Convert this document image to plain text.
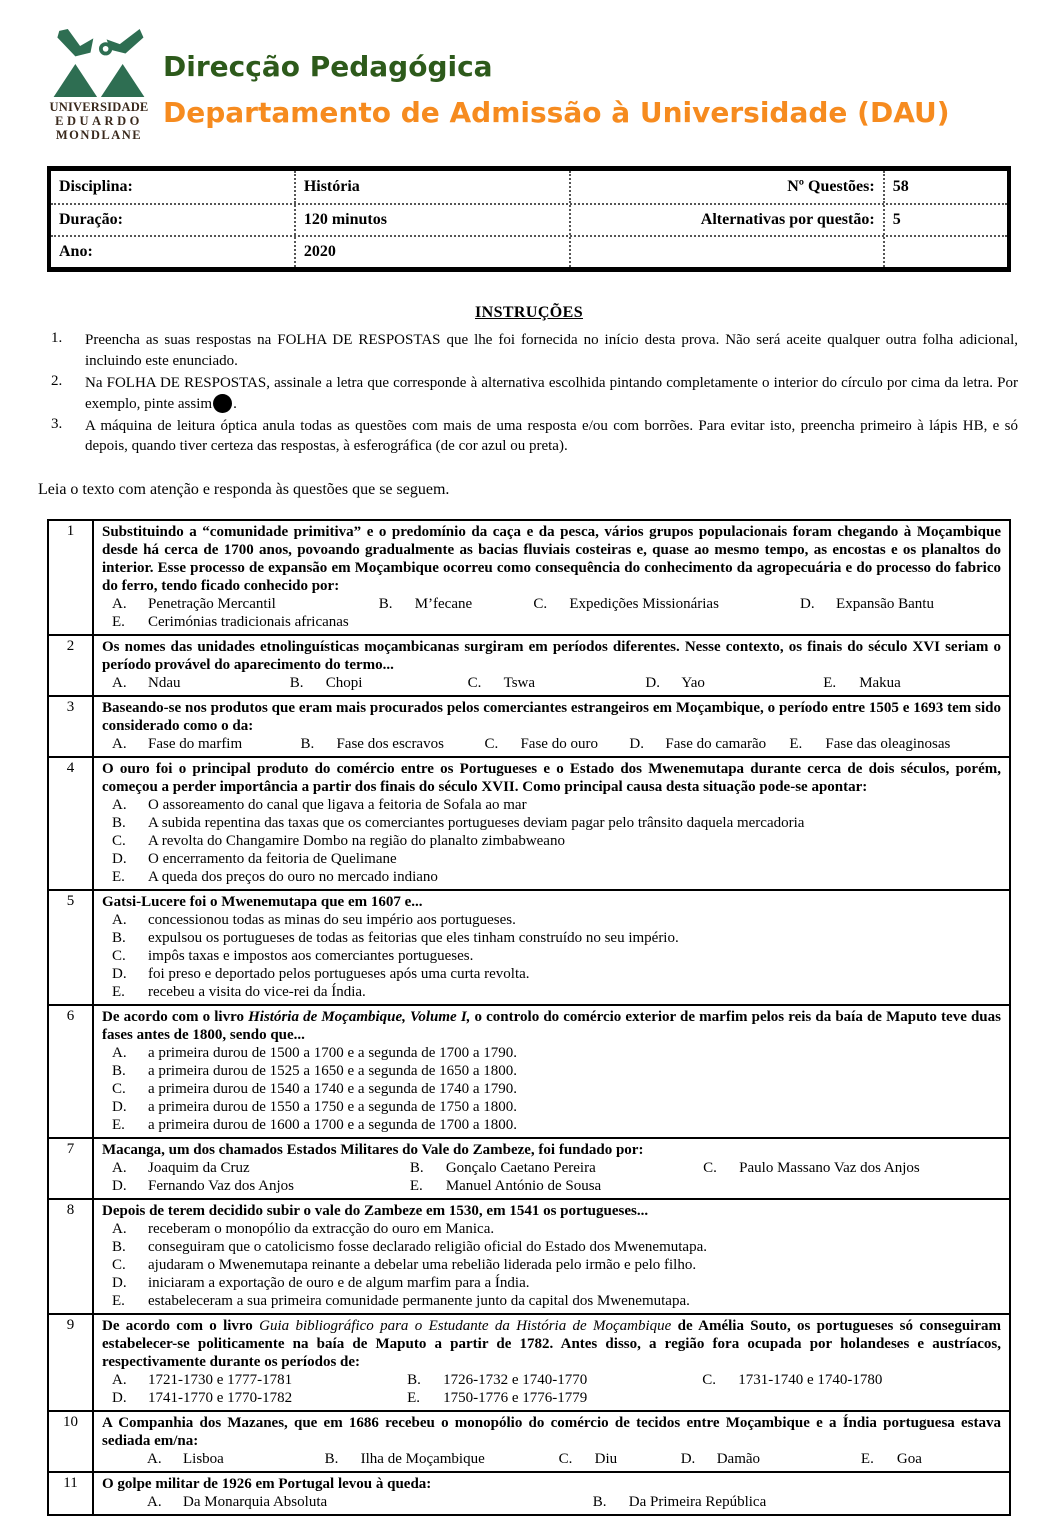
UNIVERSIDADE
EDUARDO
MONDLANE
Direcção Pedagógica
Departamento de Admissão à Universidade (DAU)
Disciplina:	História	Nº Questões:	58
Duração:	120 minutos	Alternativas por questão:	5
Ano:	2020
INSTRUÇÕES
1.	Preencha as suas respostas na FOLHA DE RESPOSTAS que lhe foi fornecida no início desta prova. Não será aceite qualquer outra folha adicional, incluindo este enunciado.
2.	Na FOLHA DE RESPOSTAS, assinale a letra que corresponde à alternativa escolhida pintando completamente o interior do círculo por cima da letra. Por exemplo, pinte assim .
3.	A máquina de leitura óptica anula todas as questões com mais de uma resposta e/ou com borrões. Para evitar isto, preencha primeiro à lápis HB, e só depois, quando tiver certeza das respostas, à esferográfica (de cor azul ou preta).

Leia o texto com atenção e responda às questões que se seguem.

1	Substituindo a “comunidade primitiva” e o predomínio da caça e da pesca, vários grupos populacionais foram chegando à Moçambique desde há cerca de 1700 anos, povoando gradualmente as bacias fluviais costeiras e, quase ao mesmo tempo, as encostas e os planaltos do interior. Esse processo de expansão em Moçambique ocorreu como consequência do conhecimento da agropecuária e do processo do fabrico do ferro, tendo ficado conhecido por:
A. Penetração Mercantil	B. M’fecane	C. Expedições Missionárias	D. Expansão Bantu
E. Cerimónias tradicionais africanas
2	Os nomes das unidades etnolinguísticas moçambicanas surgiram em períodos diferentes. Nesse contexto, os finais do século XVI seriam o período provável do aparecimento do termo...
A. Ndau	B. Chopi	C. Tswa	D. Yao	E. Makua
3	Baseando-se nos produtos que eram mais procurados pelos comerciantes estrangeiros em Moçambique, o período entre 1505 e 1693 tem sido considerado como o da:
A. Fase do marfim	B. Fase dos escravos	C. Fase do ouro	D. Fase do camarão	E. Fase das oleaginosas
4	O ouro foi o principal produto do comércio entre os Portugueses e o Estado dos Mwenemutapa durante cerca de dois séculos, porém, começou a perder importância a partir dos finais do século XVII. Como principal causa desta situação pode-se apontar:
A. O assoreamento do canal que ligava a feitoria de Sofala ao mar
B. A subida repentina das taxas que os comerciantes portugueses deviam pagar pelo trânsito daquela mercadoria
C. A revolta do Changamire Dombo na região do planalto zimbabweano
D. O encerramento da feitoria de Quelimane
E. A queda dos preços do ouro no mercado indiano
5	Gatsi-Lucere foi o Mwenemutapa que em 1607 e...
A. concessionou todas as minas do seu império aos portugueses.
B. expulsou os portugueses de todas as feitorias que eles tinham construído no seu império.
C. impôs taxas e impostos aos comerciantes portugueses.
D. foi preso e deportado pelos portugueses após uma curta revolta.
E. recebeu a visita do vice-rei da Índia.
6	De acordo com o livro História de Moçambique, Volume I, o controlo do comércio exterior de marfim pelos reis da baía de Maputo teve duas fases antes de 1800, sendo que...
A. a primeira durou de 1500 a 1700 e a segunda de 1700 a 1790.
B. a primeira durou de 1525 a 1650 e a segunda de 1650 a 1800.
C. a primeira durou de 1540 a 1740 e a segunda de 1740 a 1790.
D. a primeira durou de 1550 a 1750 e a segunda de 1750 a 1800.
E. a primeira durou de 1600 a 1700 e a segunda de 1700 a 1800.
7	Macanga, um dos chamados Estados Militares do Vale do Zambeze, foi fundado por:
A. Joaquim da Cruz	B. Gonçalo Caetano Pereira	C. Paulo Massano Vaz dos Anjos
D. Fernando Vaz dos Anjos	E. Manuel António de Sousa
8	Depois de terem decidido subir o vale do Zambeze em 1530, em 1541 os portugueses...
A. receberam o monopólio da extracção do ouro em Manica.
B. conseguiram que o catolicismo fosse declarado religião oficial do Estado dos Mwenemutapa.
C. ajudaram o Mwenemutapa reinante a debelar uma rebelião liderada pelo irmão e pelo filho.
D. iniciaram a exportação de ouro e de algum marfim para a Índia.
E. estabeleceram a sua primeira comunidade permanente junto da capital dos Mwenemutapa.
9	De acordo com o livro Guia bibliográfico para o Estudante da História de Moçambique de Amélia Souto, os portugueses só conseguiram estabelecer-se politicamente na baía de Maputo a partir de 1782. Antes disso, a região fora ocupada por holandeses e austríacos, respectivamente durante os períodos de:
A. 1721-1730 e 1777-1781	B. 1726-1732 e 1740-1770	C. 1731-1740 e 1740-1780
D. 1741-1770 e 1770-1782	E. 1750-1776 e 1776-1779
10	A Companhia dos Mazanes, que em 1686 recebeu o monopólio do comércio de tecidos entre Moçambique e a Índia portuguesa estava sediada em/na:
A. Lisboa	B. Ilha de Moçambique	C. Diu	D. Damão	E. Goa
11	O golpe militar de 1926 em Portugal levou à queda:
A. Da Monarquia Absoluta	B. Da Primeira República
